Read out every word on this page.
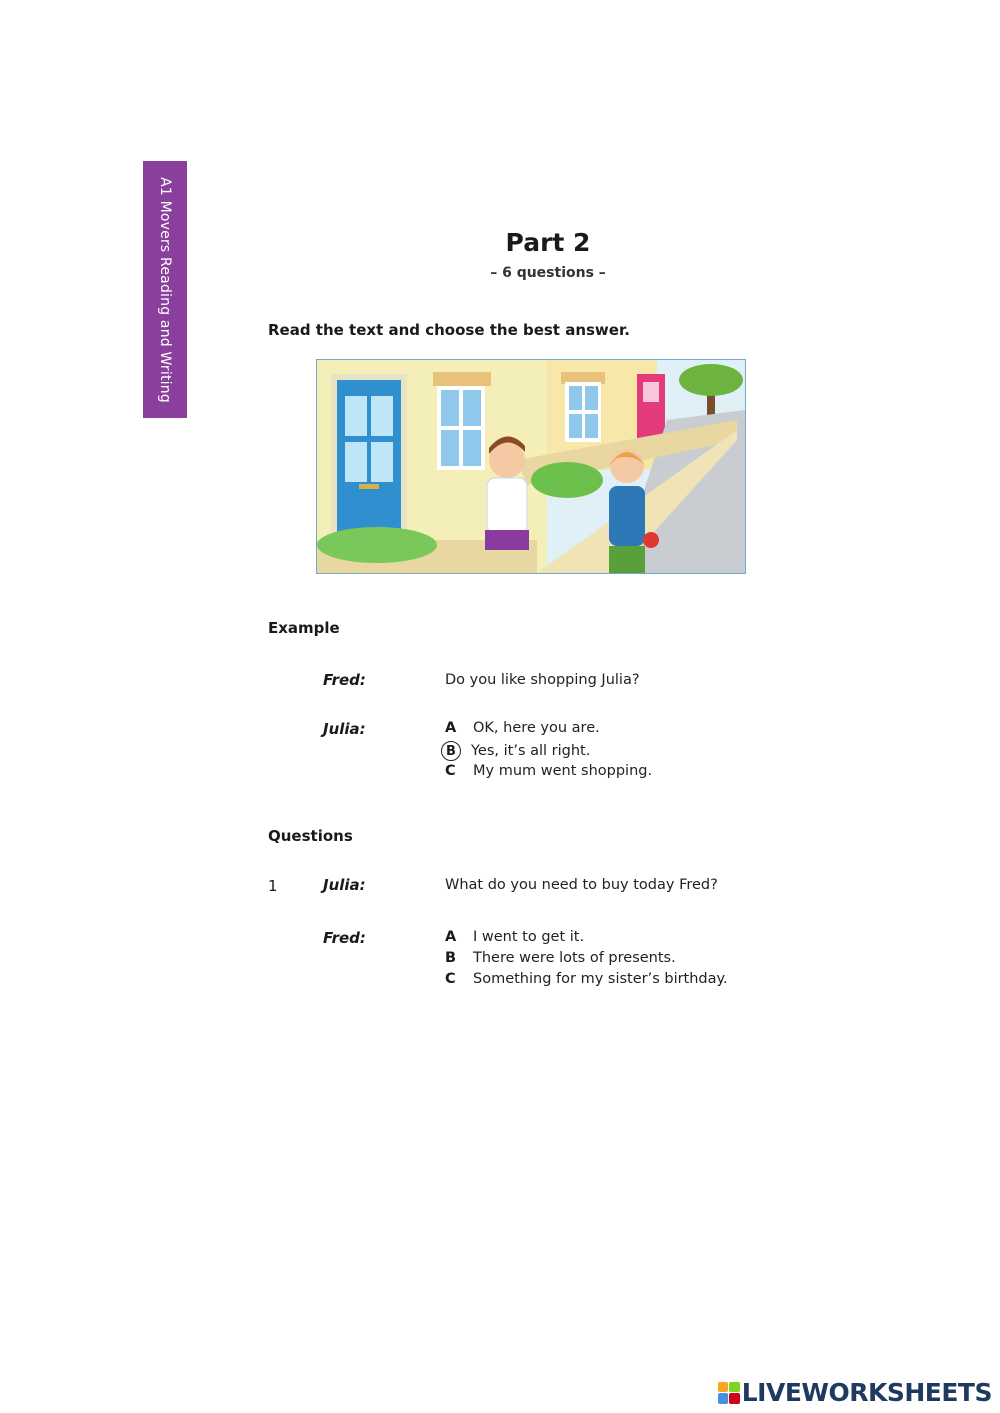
A1 Movers Reading and Writing	Part 2
– 6 questions –
Read the text and choose the best answer.
Example
Fred:	Do you like shopping Julia?
Julia:	A	OK, here you are.
B	Yes, it’s all right.
C	My mum went shopping.
Questions
1	Julia:	What do you need to buy today Fred?
Fred:	A	I went to get it.
B	There were lots of presents.
C	Something for my sister’s birthday.
LIVEWORKSHEETS
